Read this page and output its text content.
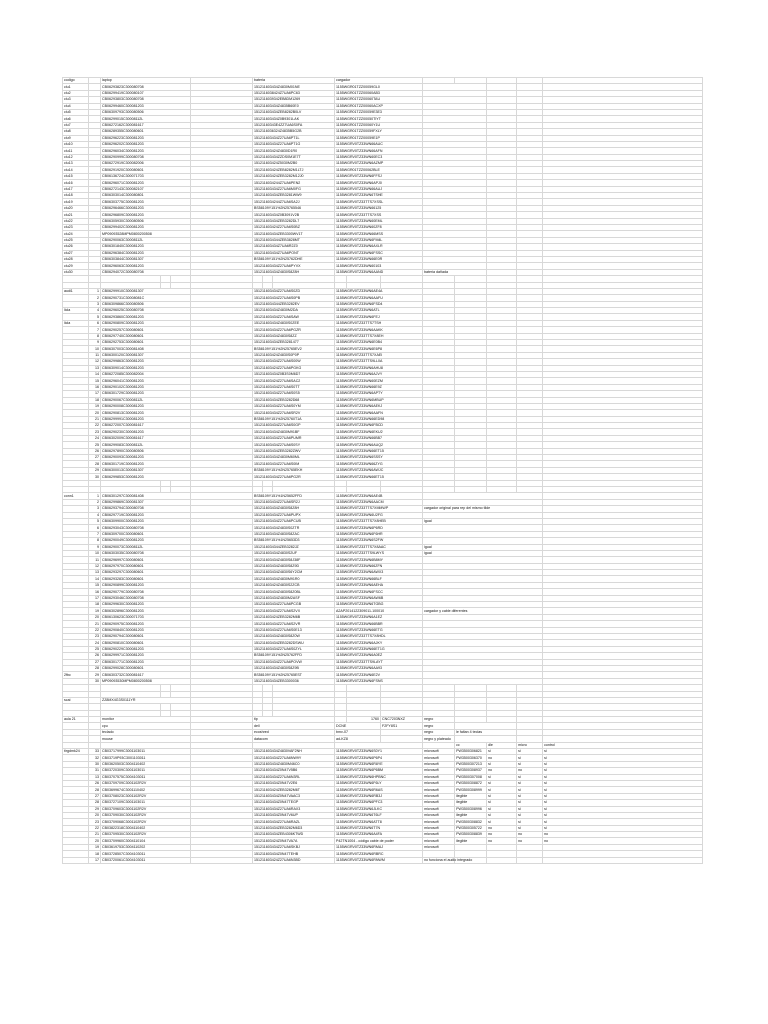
codigo		laptop				bateria			cargador								
clu1		CB06293823C300080708				151211603434Z4830M01NE			1155WGR01TZZ00059GL0								
clu2		CB06299419C300080107				1512116038424Z7UA6PC63			1155WGR01TZZ00060AB3								
clu3		CB06293803C300080708				1512116039342EB8DM1269			1155WGR01TZZ00060TAU								
clu4		CB06299460C300081203				151211603434Z4835B60E0			1155WGR01TZZ00060ACXP								
clu5		CB06309793C300080506				151211603434ZEB8282B0LV			1155WGR01TZZ00059E3E3								
clu6		CB06299015C30008112L				151211603434Z0B9301LAK			1155WGR01TZZ00050TIYT								
clu7		CB06272162C300081617				15121160343E4ZZ7UA6S0FA			1155WGR01TZZ00060Y1U								
clu8		CB06289355C300080601				1512116036324Z4835B5G2B			1155WGR01TZZ00059FXLY								
clu9		CB06296223C300081203				151211603434Z27UA6PT1L			1155WGR01TZZ00059E1P								
clu10		CB06296202C300081203				151211603434Z27UA6PT1G			1155WGRV0TZ33WN66AUC								
clu11		CB06296034C300081203				151211603424Z4830D1R0			1155WGRV0TZ33WN66AFN								
clu12		CB06290999C300080708				151211603434ZZDS0M1E7T			1155WGRV0TZ33WN60EC3								
clu13		CB06272919C300082006				151211603424Z5030M2B0			1155WGRV0TZ33WN6AZMP								
clu14		CB06291920C300080601				151211603424ZEB8282M1LTJ			1155WGR01TZZ00062BLE								
clu15		CB06136724C300071703				151211603424ZEB3282M12J0			1155WGRV0TZ33WN6FFSJ								
clu16		CB06296071C300081203				1512116034244Z7UA6PEN2			1155WGRV0TZ33WN6APJ0								
clu17		CB06272143C300082107				151211603434Z27UA6M0FG			1155WGRV0TZ33WN66AUJ								
clu18		CB06303014C300080801				151211603434ZEB3281WW9			1155WGRV0TZ33WN6TSHE								
clu19		CB06303775C300081203				1512116034244Z7UA6SA2J			1155WGRV0TZ33TTS7XSSL								
clu20		CB06296466C300081203				BS58109Y151%2N25765546			1155WGRV0TZ33WN66125								
clu21		CB06296809C300081203				151211603434Z0B3091V2B			1155WGRV0TZ33TTS7XSS								
clu22		CB06305930C300080506				151211603434ZEB3282DL7			1155WGRV0TZ33WN60EML								
clu23		CB06299402C300081203				151211603424Z27UA6S0BZ			1155WGRV0TZ33WN60ZF8								
clu24		MP09093528MPM0800200508				151211603434ZEB3300WV1T			1155WGRV0TZ33WN66MSS								
clu25		CB06290063C30008112L				1512116034344ZEB3828MT			1155WGRV0TZ33WN6FM4L								
clu26		CB06301840C300081203				151211603434Z7UA6R2Z0			1155WGRV0TZ33WN6AXLR								
clu27		CB06296384C300081203				151211603434Z7UA6PONT			1155WGRV0TZ33WN6FSSC								
clu28		CB06303844C300081307				BS58109Y151%2N25762DHE			1155WGRV0TZ33WN66E0R								
clu29		CB06296063C300081203				151211603434Z27UA6PYVX			1155WGRV0TZ33WN60103								
clu30		CB06294072C300080708				151211603434Z4830S8Z8H			1155WGRV0TZ33WN6AAND			bateria dañada					

audi1	1	CB06299910C300081307				151211603434Z27UA6S0ZD			1155WGRV0TZ33WN6AE4A								
	2	CB06290731C30008081C				151211603434Z27UA6S0PB			1155WGRV0TZ33WN6AAFU								
	3	CB06309866C300080506				1512116034344ZEB3282EV			1155WGRV0TZ33WN6FSD4								
licla	4	CB06296025C300080708				151211603434Z4830M2DA			1155WGRV0TZ33WN6ATL								
	5	CB06293860C300081203				151211603434Z27UA6SAW			1155WGRV0TZ33WN6FEJ								
licla	6	CB06290809C300081203				151211603434Z4830S0ZEE			1155WGRV0TZ33TTS7TSH								
	7	CB06290257C300080601				151211603434Z27UA6PGZR			1155WGRV0TZ33WN6AAKK								
	8	CB06297740C300080601				151211603434Z4830S8ZZ			1155WGRV0TZ33TTS7X8EH								
	9	CB06292753C300080601				151211603434ZEB3281477			1155WGRV0TZ33WN6E0B4								
	10	CB06307003C300081408				BS58109Y151%2N25765EV2			1155WGRV0TZ33WN6E6P8								
	11	CB06300120C300081307				151211603424Z4830S0P0P			1155WGRV0TZ33TTS7XAEI								
	12	CB06299863C300081203				151211603434Z27UA6S00W			1155WGRV0TZ33TTS9LL0A								
	13	CB06309014C300081203				151211603424Z27UA6PGKG			1155WGRV0TZ33WN6AHU8								
	14	CB06272085C300082004				151211603434Z0B3S0M6D7			1155WGRV0TZ33WN6AJVY								
	15	CB06296041C300081203				151211603424Z27UA6SAC2			1155WGRV0TZ33WN60EZM								
	16	CB06290102C300081203				151211603434Z27UA6S0TT			1155WGRV0TZ33WN66E9Z								
	17	CB06301729C300081203				151211603434Z27UA6S0S5			1155WGRV0TZ33WN6APTY								
	18	CB06290067C30008112L				151211603434ZEB3282D68			1155WGRV0TZ33WN6MBUP								
	19	CB06290008C300081203				151211603434Z27UA6S0YM			1155WGRV0TZ33WN6AEKJ								
	20	CB06290813C300081203				151211603434Z27UA6SR2V			1155WGRV0TZ33WN6AAFN								
	21	CB06299991C300081203				BS58109Y151%2N25760T1A			1155WGRV0TZ33WN66ED98								
	22	CB06272007C300081617				151211603434Z27UA6S0GP			1155WGRV0TZ33WN6FBCD								
	23	CB06290230C300081203				151211603434Z4830M91BF			1155WGRV0TZ33WN6EKU2								
	24	CB06302009C300081617				151211603434Z27UA6PUMR			1155WGRV0TZ33WN66BB7								
	25	CB06299083C30008112L				151211603434Z27UA6S0SY			1155WGRV0TZ33WN6AUQ2								
	26	CB06297890C300080506				151211603434ZEB3282ZWV			1155WGRV0TZ33WN66ET15								
	27	CB06290093C300081203				151211603434Z4830M60ML			1155WGRV0TZ33WN6SSSY								
	28	CB06301719C300081203				151211603434Z27UA6S0IM			1155WGRV0TZ33WN66ZYG								
	29	CB06300013C300081307				BS58109Y151%2N25765EKH			1155WGRV0TZ33WN6AWJC								
	30	CB06299853C300081203				151211603434Z27UA6PG2R			1155WGRV0TZ33WN66ET15								

conn1	1	CB06301297C300081408				BS58109Y151%1N25652FFD			1155WGRV0TZ33WN6AE4B								
	2	CB06299869C300081307				151211603434Z27UA6SR2J			1155WGRV0TZ33WN6AACM								
	3	CB06293794C300080708				151211603434Z4830S8Z8H			1155WGRV0TZ33TTS7XMMWP			cargador original para rep del mismo tilde					
	4	CB06297719C300081203				151211603434Z27UA6PUPX			1155WGRV0TZ33WN6U2FG								
	5	CB06309900C300081203				151211603434Z27UA6PCUB			1155WGRV0TZ33TTS7X8HEB			igual					
	6	CB06293043C300080708				151211603434Z4830S0ZTR			1155WGRV0TZ33WN6P6RD								
	7	CB06309700C300080601				151211603434Z4830S8ZAC			1155WGRV0TZ33WN6F6HR								
	8	CB06290049C300081203				BS58109Y151%1N25653D3			1155WGRV0TZ33WN6S2FW								
	9	CB06290073C30008112L				1512116034344ZEB3282JZ			1155WGRV0TZ33TTS7X8AAC			igual					
	10	CB06303035C300080708				151211603434Z4830S2UF			1155WGRV0TZ33TTS9LWYS			igual					
	11	CB06296997C300080601				151211603434Z4830S8J38F			1155WGRV0TZ33WN6B8MY								
	12	CB06297970C300080601				151211603434Z4830S8Z9D			1155WGRV0TZ33WN66ZFN								
	13	CB06293297C300080601				151211603434Z4830S6Y2CM			1155WGRV0TZ33WN6AWX3								
	14	CB06293283C300080601				151211603434Z4830M91R0			1155WGRV0TZ33WN66BLF								
	15	CB06290899C300081203				151211603424Z4830S2ZCB			1155WGRV0TZ33WN6AEHA								
	16	CB06290779C300080708				151211603434Z4830S8Z0BL			1155WGRV0TZ33WN6FSCC								
	17	CB06293046C300080708				151211603434Z4830M2ASF			1155WGRV0TZ33WN6AW6B								
	18	CB06299630C300081203				151211603434Z27UA6PCGB			1155WGRV0TZ33WN6TGBG								
	19	CB06302896C300081203				151211603434Z27UA6S2VX			A2AP2014122309011-100010			cargador y cable diferentes					
	20	CB06130623C300071703				151211603424ZEB3282M6B			1155WGRV0TZ33WN6A1EZ								
	21	CB06290975C300081203				151211603434Z27UA6S2VR			1155WGRV0TZ33WN66BBR								
	22	CB06290840C300081203				151211603434Z27UA6S0E13			1155WGRV0TZ33WN66ETG								
	23	CB06290794C300080601				151211603434Z4830S8Z0W			1155WGRV0TZ33TTS7X8HDL								
	24	CB06290810C300080601				151211603434ZEB3282DSWU			1155WGRV0TZ33WN6AJKY								
	25	CB06290229C300081203				151211603434Z27UA6S0ZYL			1155WGRV0TZ33WN66ET1G								
	26	CB06299971C300081203				BS58109Y151%2N25762FFD			1155WGRV0TZ33WN6A0EZ								
	27	CB06301771C300081203				151211603434Z27UA6POVW			1155WGRV0TZ33TTS9LAYT								
	28	CB06299028C300080601				151211603434Z4830S8Z9B			1155WGRV0TZ33WN6AA93								
2fbc	29	CB06303732C300081617				BS58109Y151%2N25765EST			1155WGRV0TZ33WN6E2V								
	30	MP09093530MPM0800200508				151211603434ZEB3300036			1155WGRV0TZ33WN6FSNS								

scai		ZZ8MX4G3S0111YR															

aula 21		monitor				tip				1760	CNC7203NXZ	negro					
		cpu				dell			DCNE		F2FY8S1	negro					
		teclado				ecoshred			bmv-07			negro	le faltan 4 teclas				
		mouse				datacom			ad-KZ8			negro y plateado					
													cc	dle	micro	control		
tirgdmk24	33	CB03717999C3001103011				151211603434Z4830VAF2NH			1155WGRV0TZ33WN6S0Y1			microsoft	PW3500306821	si	si	si		
	32	CB03719P93C3001103011				151211603434Z27UA6NW9Y			1155WGRV0TZ33WN6P6P4			microsoft	PW3500306370	no	si	si		
	30	CB03620503C3004110402				151211603434Z4830M46C0			1155WGRV0TZ33WN6R8YE			microsoft	PW3500307213	si	si	si		
	31	CB03720309C3001103011				151211603434Z0N47V5B6			1155WGRV0TZ33WN6P6BM			microsoft	PW3500308937	no	no	si		
	13	CB03707575C3004103011				151211603434Z27UA6N3RL			1155WGRV0TZ33WN6HPBNC			microsoft	PW3500307008	si	si	si		
	26	CB03709709C3001102R2V				151211603434Z0N47V2E6			1155WGRV0TZ33WN6F6LY			microsoft	PW3500308872	si	si	si		
	28	CB03699674C3001110402				151211603424ZEB3282M6T			1155WGRV0TZ33WN6R6AS			microsoft	PW3500308999	si	si	si		
	27	CB03708023C3001102R2V				151211603434Z0N47VAAC3			1155WGRV0TZ33WN6RB3J			microsoft	ilegible	si	si	si		
	28	CB03727109C3001103011				151211603434Z0N47TEGP			1155WGRV0TZ33WN6PFC3			microsoft	ilegible	si	si	si		
	29	CB03709603C3001102R2V				151211603434Z27UA6RAX3			1155WGRV0TZ33WN6JLKC			microsoft	PW3500308996	si	si	si		
	20	CB03709030C3001102R2V				151211603434Z0N47V6UP			1155WGRV0TZ33WN6T6LF			microsoft	ilegible	si	si	si		
	23	CB03709068C3001102R2V				151211603434Z27UA6RAZL			1155WGRV0TZ33WN6ATT8			microsoft	PW3500308832	si	si	si		
	22	CB03822318C3004110402				151211603434ZEB3282M6D3			1155WGRV0TZ33WN6T7N			microsoft	PW3500305722	no	si	si		
	21	CB03709530C3001102R2V				151211603434ZEB4306KTWD			1155WGRV0TZ33WN6A4FA			microsoft	PW3500308839	no	no	no		
	20	CB03709960C3004110104				151211603424Z0N47VA7A			P42TN1004 - código cable de poder			microsoft	ilegible	no	no	no		
	19	CB03619753C3004110202				151211603434Z27UA6SKBJ			1155WGRV0TZ33WN6RMAJ			microsoft						
	18	CB03728507C3004103011				151211603434Z0N47TEHB			1155WGRV0TZ33WN6RBRC								
	17	CB03720061C3004103011				151211603424Z27UA6N3BD			1155WGRV0TZ33WN6RNWM			no funciona el audio integrado						
